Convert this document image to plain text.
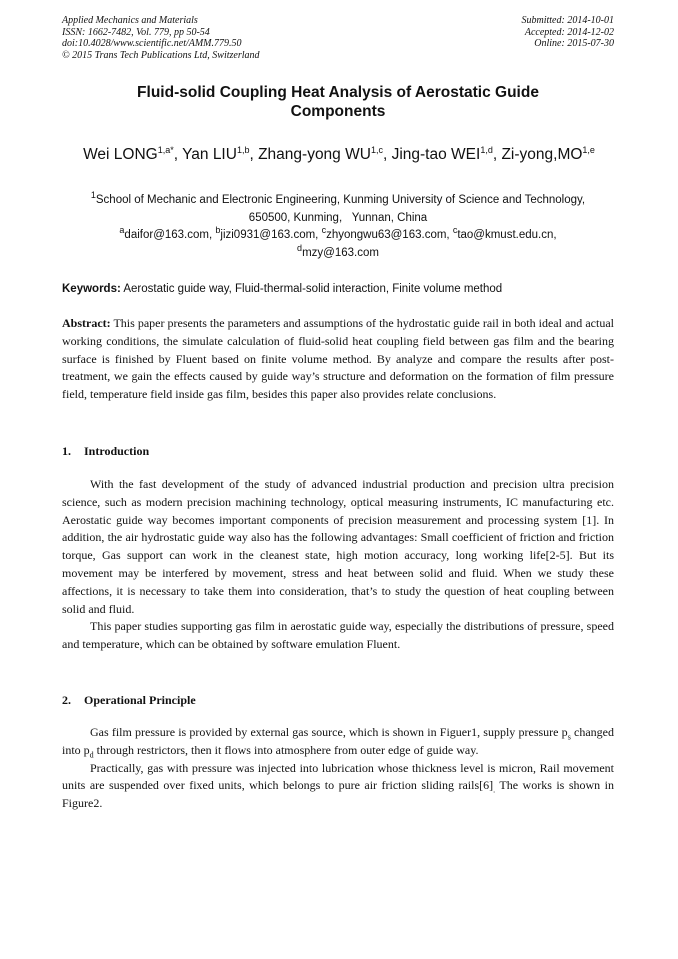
Applied Mechanics and Materials
ISSN: 1662-7482, Vol. 779, pp 50-54
doi:10.4028/www.scientific.net/AMM.779.50
© 2015 Trans Tech Publications Ltd, Switzerland
Submitted: 2014-10-01
Accepted: 2014-12-02
Online: 2015-07-30
Fluid-solid Coupling Heat Analysis of Aerostatic Guide
Components
Wei $LONG^{1,a*}$, Yan LIU$^{1,b}$, Zhang-yong WU$^{1,c}$, Jing-tao WEI$^{1,d}$, Zi-yong,MO$^{1,e}$
$^1$School of Mechanic and Electronic Engineering, Kunming University of Science and Technology,
650500, Kunming,   Yunnan, China
$^a$daifor@163.com, $^b$jizi0931@163.com, $^c$zhyongwu63@163.com, $^c$tao@kmust.edu.cn,
$^d$mzy@163.com
Keywords: Aerostatic guide way, Fluid-thermal-solid interaction, Finite volume method
Abstract: This paper presents the parameters and assumptions of the hydrostatic guide rail in both ideal and actual working conditions, the simulate calculation of fluid-solid heat coupling field between gas film and the bearing surface is finished by Fluent based on finite volume method. By analyze and compare the results after post-treatment, we gain the effects caused by guide way’s structure and deformation on the formation of film pressure field, temperature field inside gas film, besides this paper also provides relate conclusions.
1. Introduction

With the fast development of the study of advanced industrial production and precision ultra precision science, such as modern precision machining technology, optical measuring instruments, IC manufacturing etc. Aerostatic guide way becomes important components of precision measurement and processing system [1]. In addition, the air hydrostatic guide way also has the following advantages: Small coefficient of friction and friction torque, Gas support can work in the cleanest state, high motion accuracy, long working life[2-5]. But its movement may be interfered by movement, stress and heat between solid and fluid. When we study these affections, it is necessary to take them into consideration, that’s to study the question of heat coupling between solid and fluid.

This paper studies supporting gas film in aerostatic guide way, especially the distributions of pressure, speed and temperature, which can be obtained by software emulation Fluent.

2. Operational Principle

Gas film pressure is provided by external gas source, which is shown in Figuer1, supply pressure $p_s$ changed into $p_d$ through restrictors, then it flows into atmosphere from outer edge of guide way.

Practically, gas with pressure was injected into lubrication whose thickness level is micron, Rail movement units are suspended over fixed units, which belongs to pure air friction sliding $rails[6]_.$ The works is shown in Figure2.
